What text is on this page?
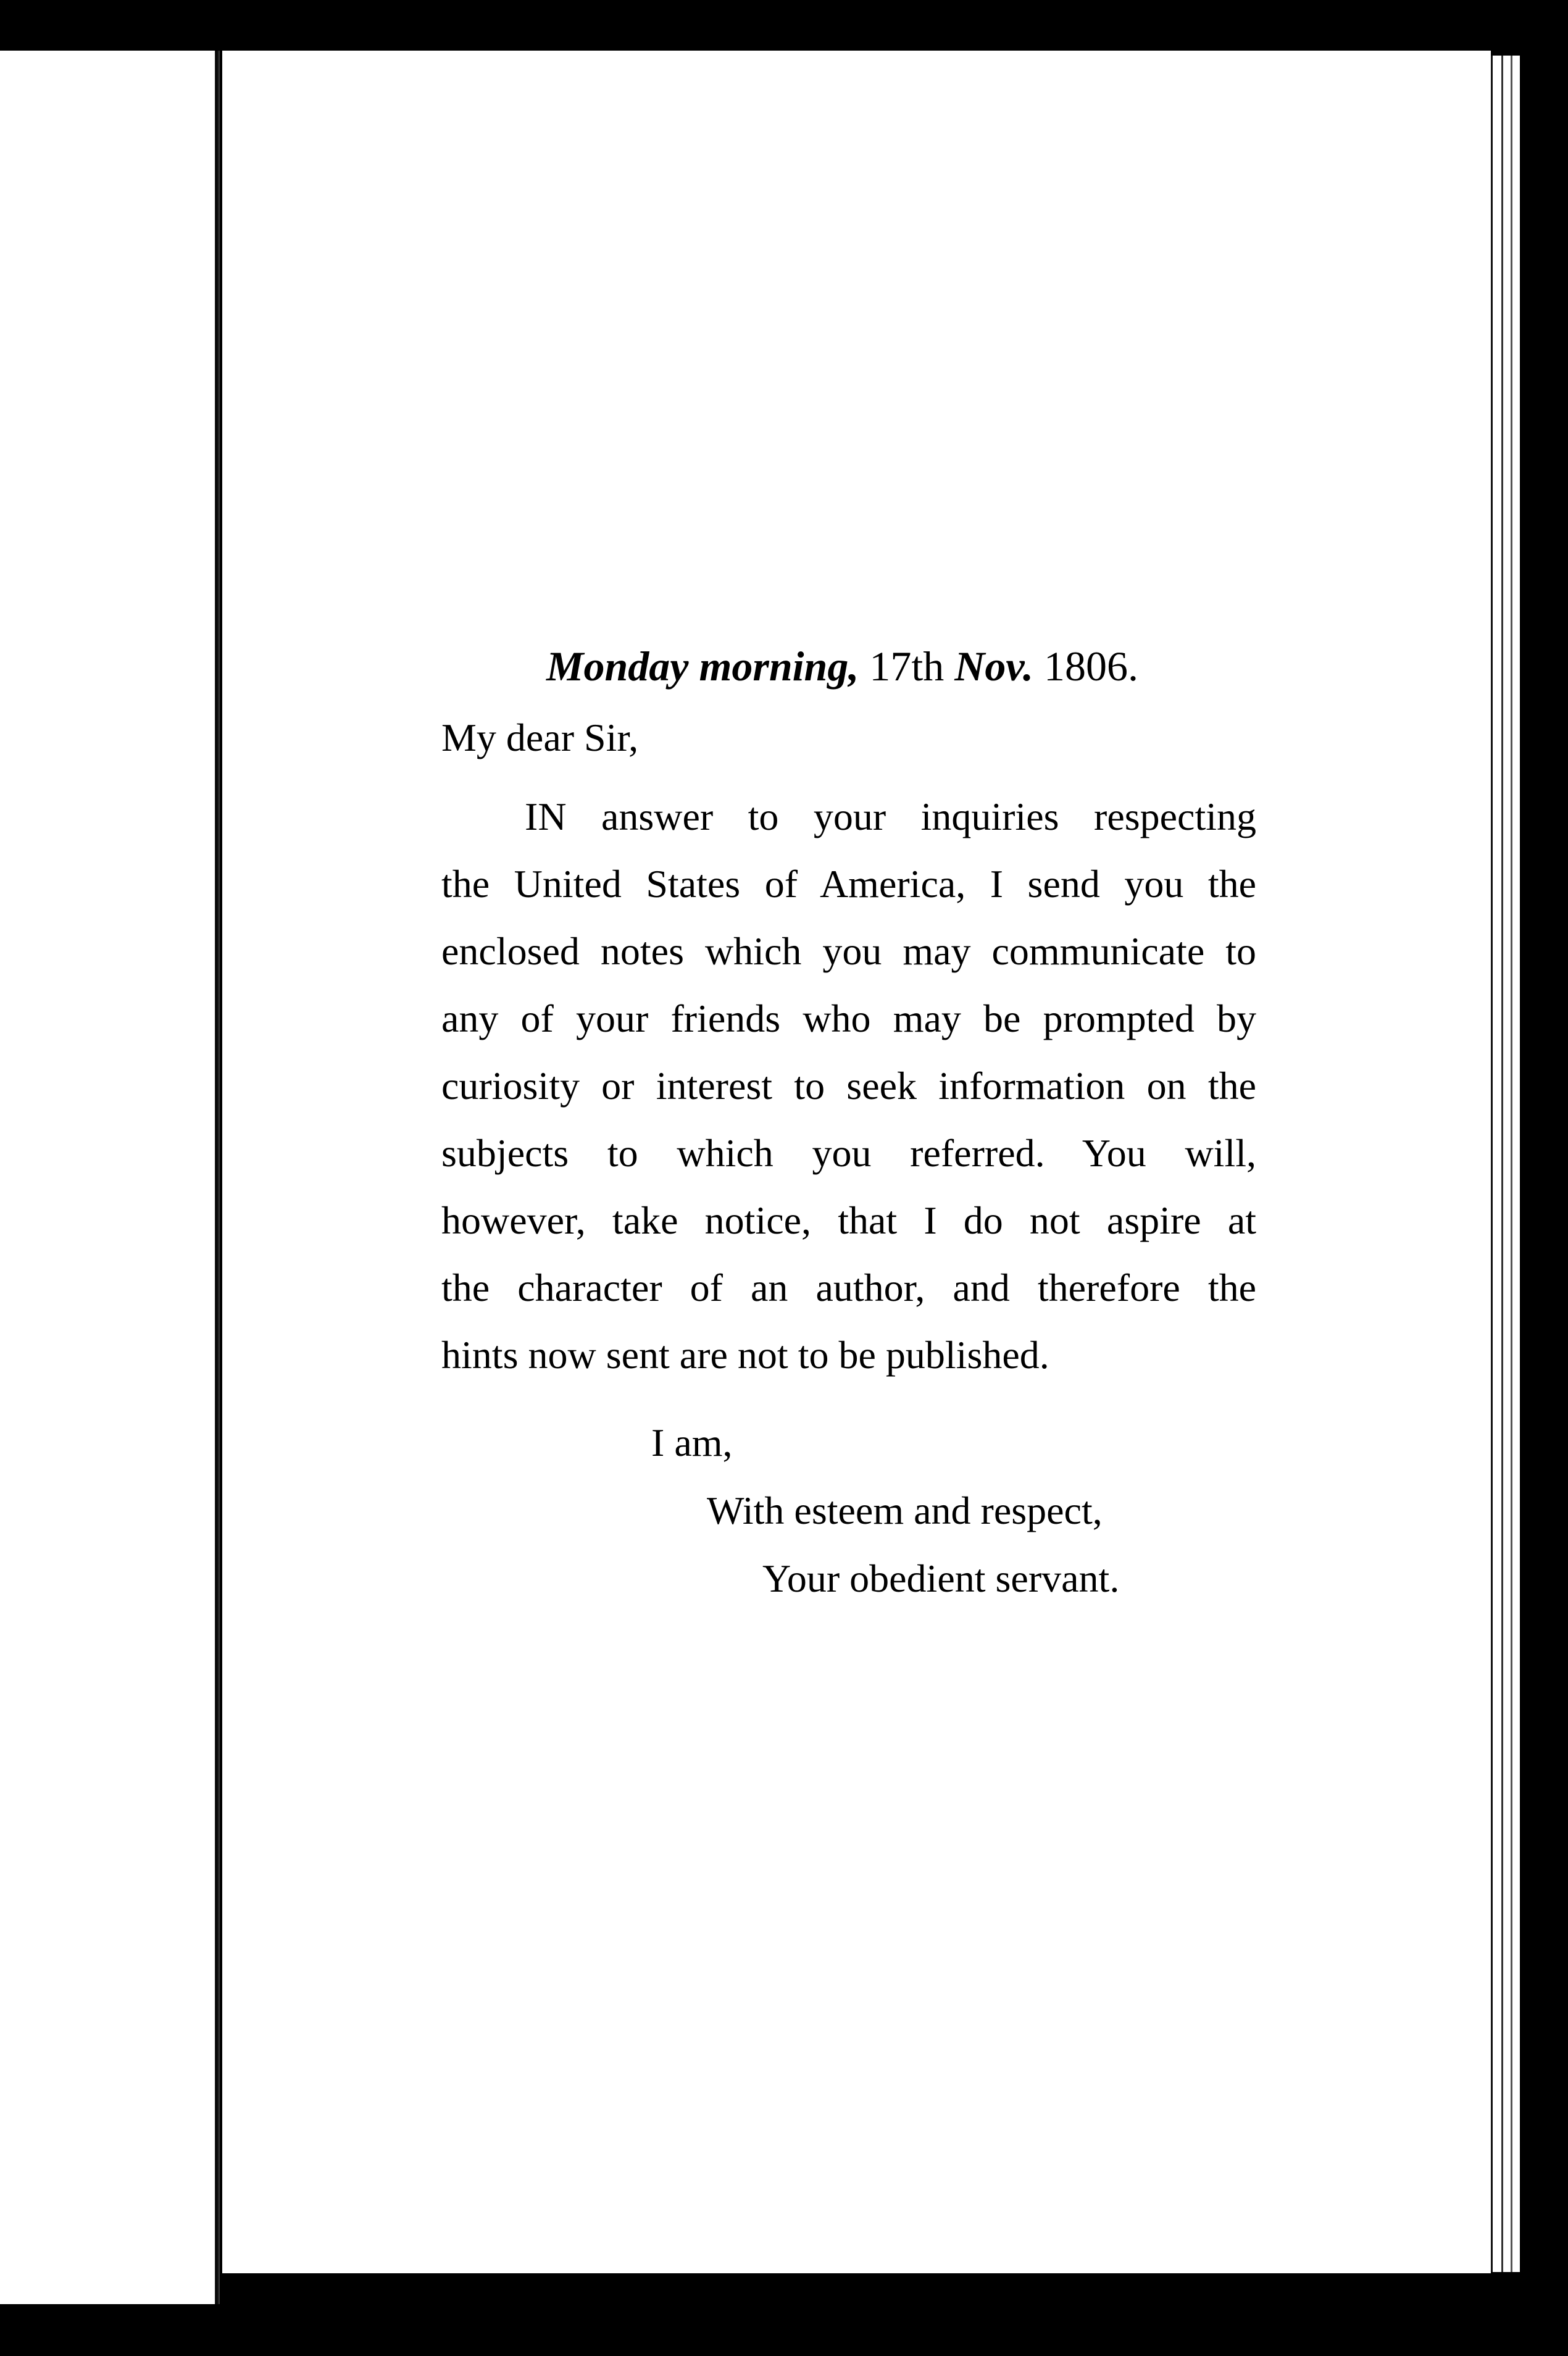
Monday morning, 17th Nov. 1806.
My dear Sir,
IN answer to your inquiries respecting
the United States of America, I send you the
enclosed notes which you may communicate to
any of your friends who may be prompted by
curiosity or interest to seek information on the
subjects to which you referred. You will,
however, take notice, that I do not aspire at
the character of an author, and therefore the
hints now sent are not to be published.
I am,
With esteem and respect,
Your obedient servant.
